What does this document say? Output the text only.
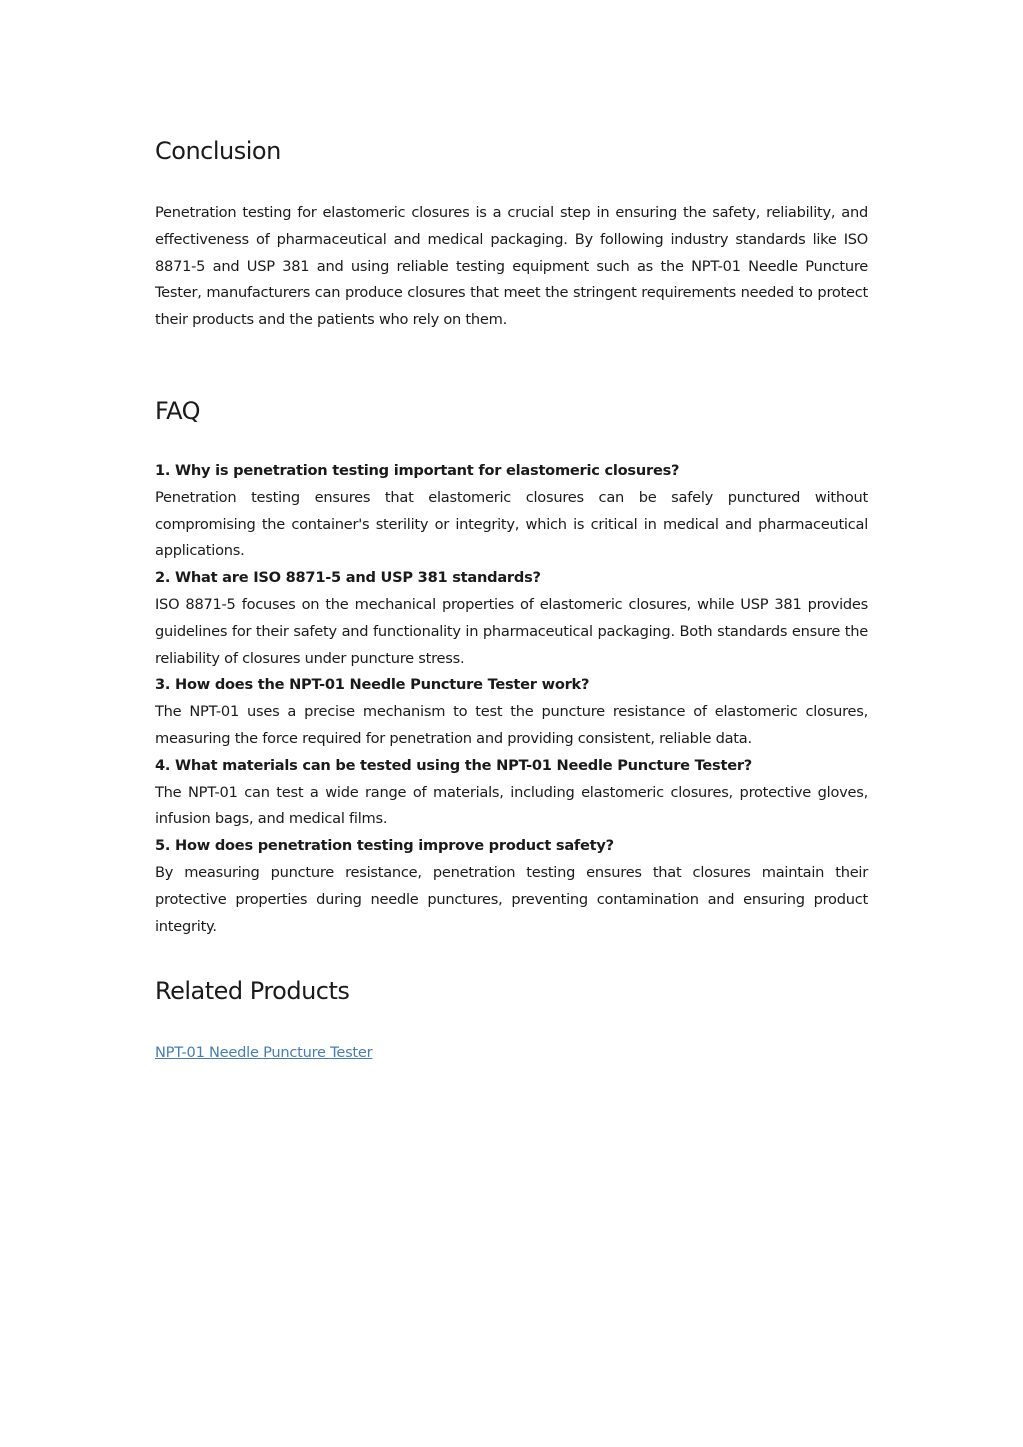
Conclusion

Penetration testing for elastomeric closures is a crucial step in ensuring the safety, reliability, and effectiveness of pharmaceutical and medical packaging. By following industry standards like ISO 8871-5 and USP 381 and using reliable testing equipment such as the NPT-01 Needle Puncture Tester, manufacturers can produce closures that meet the stringent requirements needed to protect their products and the patients who rely on them.

FAQ

1. Why is penetration testing important for elastomeric closures?

Penetration testing ensures that elastomeric closures can be safely punctured without compromising the container's sterility or integrity, which is critical in medical and pharmaceutical applications.

2. What are ISO 8871-5 and USP 381 standards?

ISO 8871-5 focuses on the mechanical properties of elastomeric closures, while USP 381 provides guidelines for their safety and functionality in pharmaceutical packaging. Both standards ensure the reliability of closures under puncture stress.

3. How does the NPT-01 Needle Puncture Tester work?

The NPT-01 uses a precise mechanism to test the puncture resistance of elastomeric closures, measuring the force required for penetration and providing consistent, reliable data.

4. What materials can be tested using the NPT-01 Needle Puncture Tester?

The NPT-01 can test a wide range of materials, including elastomeric closures, protective gloves, infusion bags, and medical films.

5. How does penetration testing improve product safety?

By measuring puncture resistance, penetration testing ensures that closures maintain their protective properties during needle punctures, preventing contamination and ensuring product integrity.

Related Products
NPT-01 Needle Puncture Tester
